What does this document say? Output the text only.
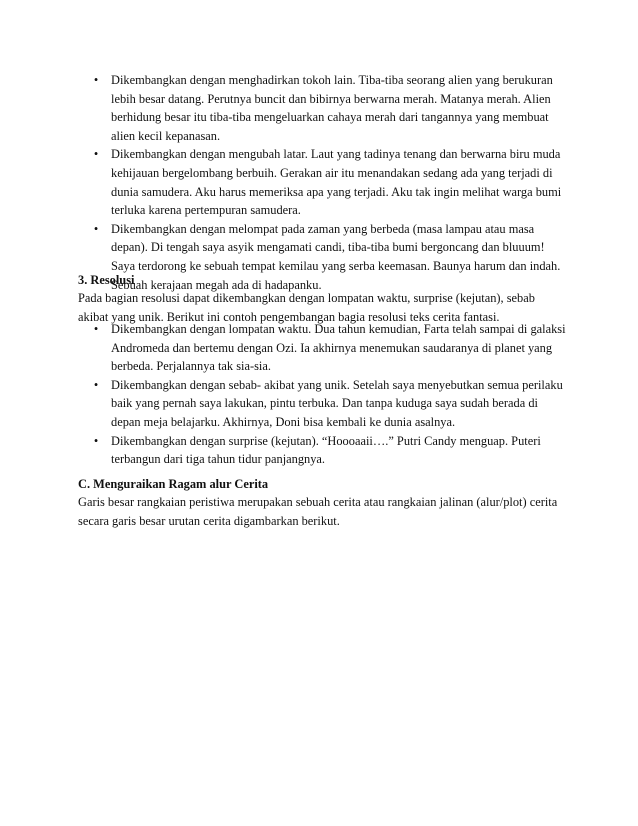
• Dikembangkan dengan menghadirkan tokoh lain. Tiba-tiba seorang alien yang berukuran lebih besar datang. Perutnya buncit dan bibirnya berwarna merah. Matanya merah. Alien berhidung besar itu tiba-tiba mengeluarkan cahaya merah dari tangannya yang membuat alien kecil kepanasan.
• Dikembangkan dengan mengubah latar. Laut yang tadinya tenang dan berwarna biru muda kehijauan bergelombang berbuih. Gerakan air itu menandakan sedang ada yang terjadi di dunia samudera. Aku harus memeriksa apa yang terjadi. Aku tak ingin melihat warga bumi terluka karena pertempuran samudera.
• Dikembangkan dengan melompat pada zaman yang berbeda (masa lampau atau masa depan). Di tengah saya asyik mengamati candi, tiba-tiba bumi bergoncang dan bluuum! Saya terdorong ke sebuah tempat kemilau yang serba keemasan. Baunya harum dan indah. Sebuah kerajaan megah ada di hadapanku.

3. Resolusi

Pada bagian resolusi dapat dikembangkan dengan lompatan waktu, surprise (kejutan), sebab akibat yang unik. Berikut ini contoh pengembangan bagia resolusi teks cerita fantasi.

• Dikembangkan dengan lompatan waktu. Dua tahun kemudian, Farta telah sampai di galaksi Andromeda dan bertemu dengan Ozi. Ia akhirnya menemukan saudaranya di planet yang berbeda. Perjalannya tak sia-sia.
• Dikembangkan dengan sebab- akibat yang unik. Setelah saya menyebutkan semua perilaku baik yang pernah saya lakukan, pintu terbuka. Dan tanpa kuduga saya sudah berada di depan meja belajarku. Akhirnya, Doni bisa kembali ke dunia asalnya.
• Dikembangkan dengan surprise (kejutan). “Hoooaaii….” Putri Candy menguap. Puteri terbangun dari tiga tahun tidur panjangnya.

C. Menguraikan Ragam alur Cerita

Garis besar rangkaian peristiwa merupakan sebuah cerita atau rangkaian jalinan (alur/plot) cerita secara garis besar urutan cerita digambarkan berikut.
